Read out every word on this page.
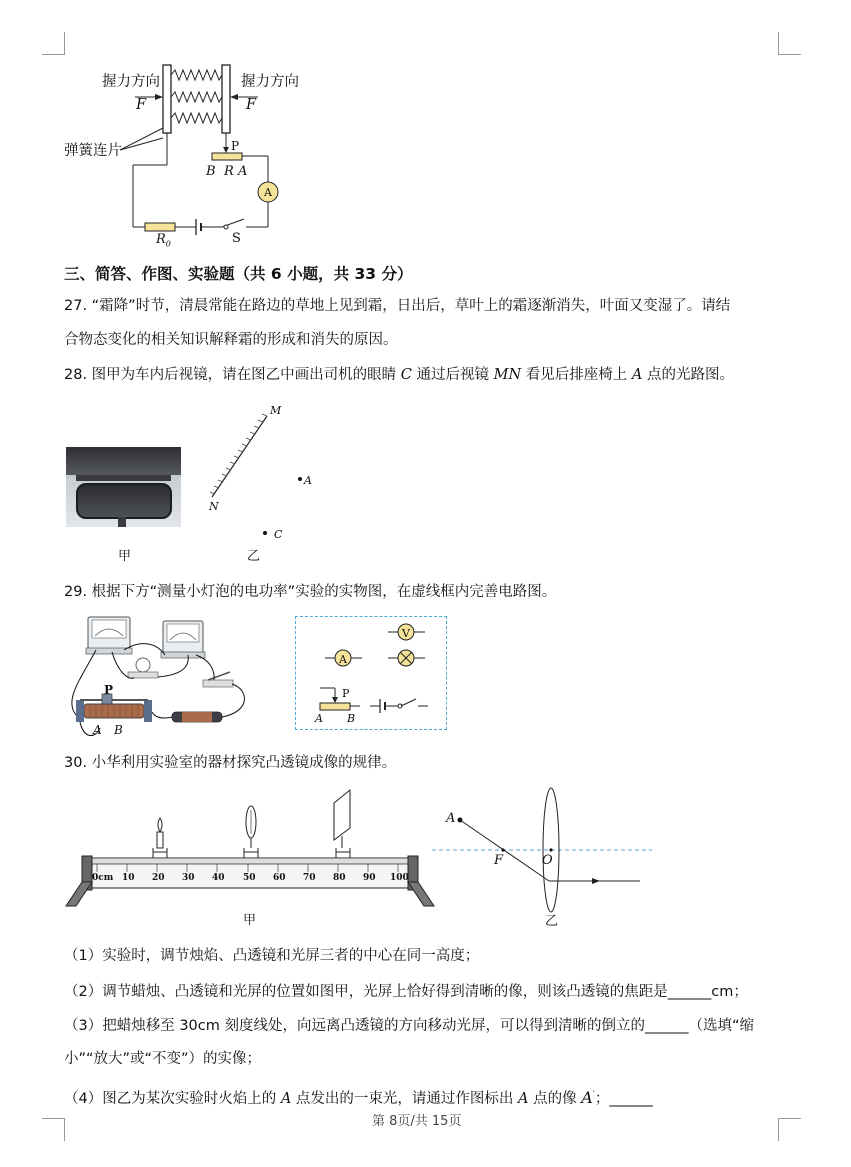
握力方向
F
握力方向
F
弹簧连片	P
B R A
A
$R_0$	S
三、简答、作图、实验题（共 6 小题，共 33 分）
27. “霜降”时节，清晨常能在路边的草地上见到霜，日出后，草叶上的霜逐渐消失，叶面又变湿了。请结
合物态变化的相关知识解释霜的形成和消失的原因。
28. 图甲为车内后视镜，请在图乙中画出司机的眼睛 C 通过后视镜 MN 看见后排座椅上 A 点的光路图。
M
N
A
C
甲	乙
29. 根据下方“测量小灯泡的电功率”实验的实物图，在虚线框内完善电路图。
P
A B
V
A
P
A B
30. 小华利用实验室的器材探究凸透镜成像的规律。
0cm 10 20 30 40 50 60 70 80 90 100
甲
A
F	O
乙
（1）实验时，调节烛焰、凸透镜和光屏三者的中心在同一高度；
（2）调节蜡烛、凸透镜和光屏的位置如图甲，光屏上恰好得到清晰的像，则该凸透镜的焦距是______cm；
（3）把蜡烛移至 30cm 刻度线处，向远离凸透镜的方向移动光屏，可以得到清晰的倒立的______（选填“缩
小”“放大”或“不变”）的实像；
（4）图乙为某次实验时火焰上的 A 点发出的一束光，请通过作图标出 A 点的像 A′；______
第 8页/共 15页
